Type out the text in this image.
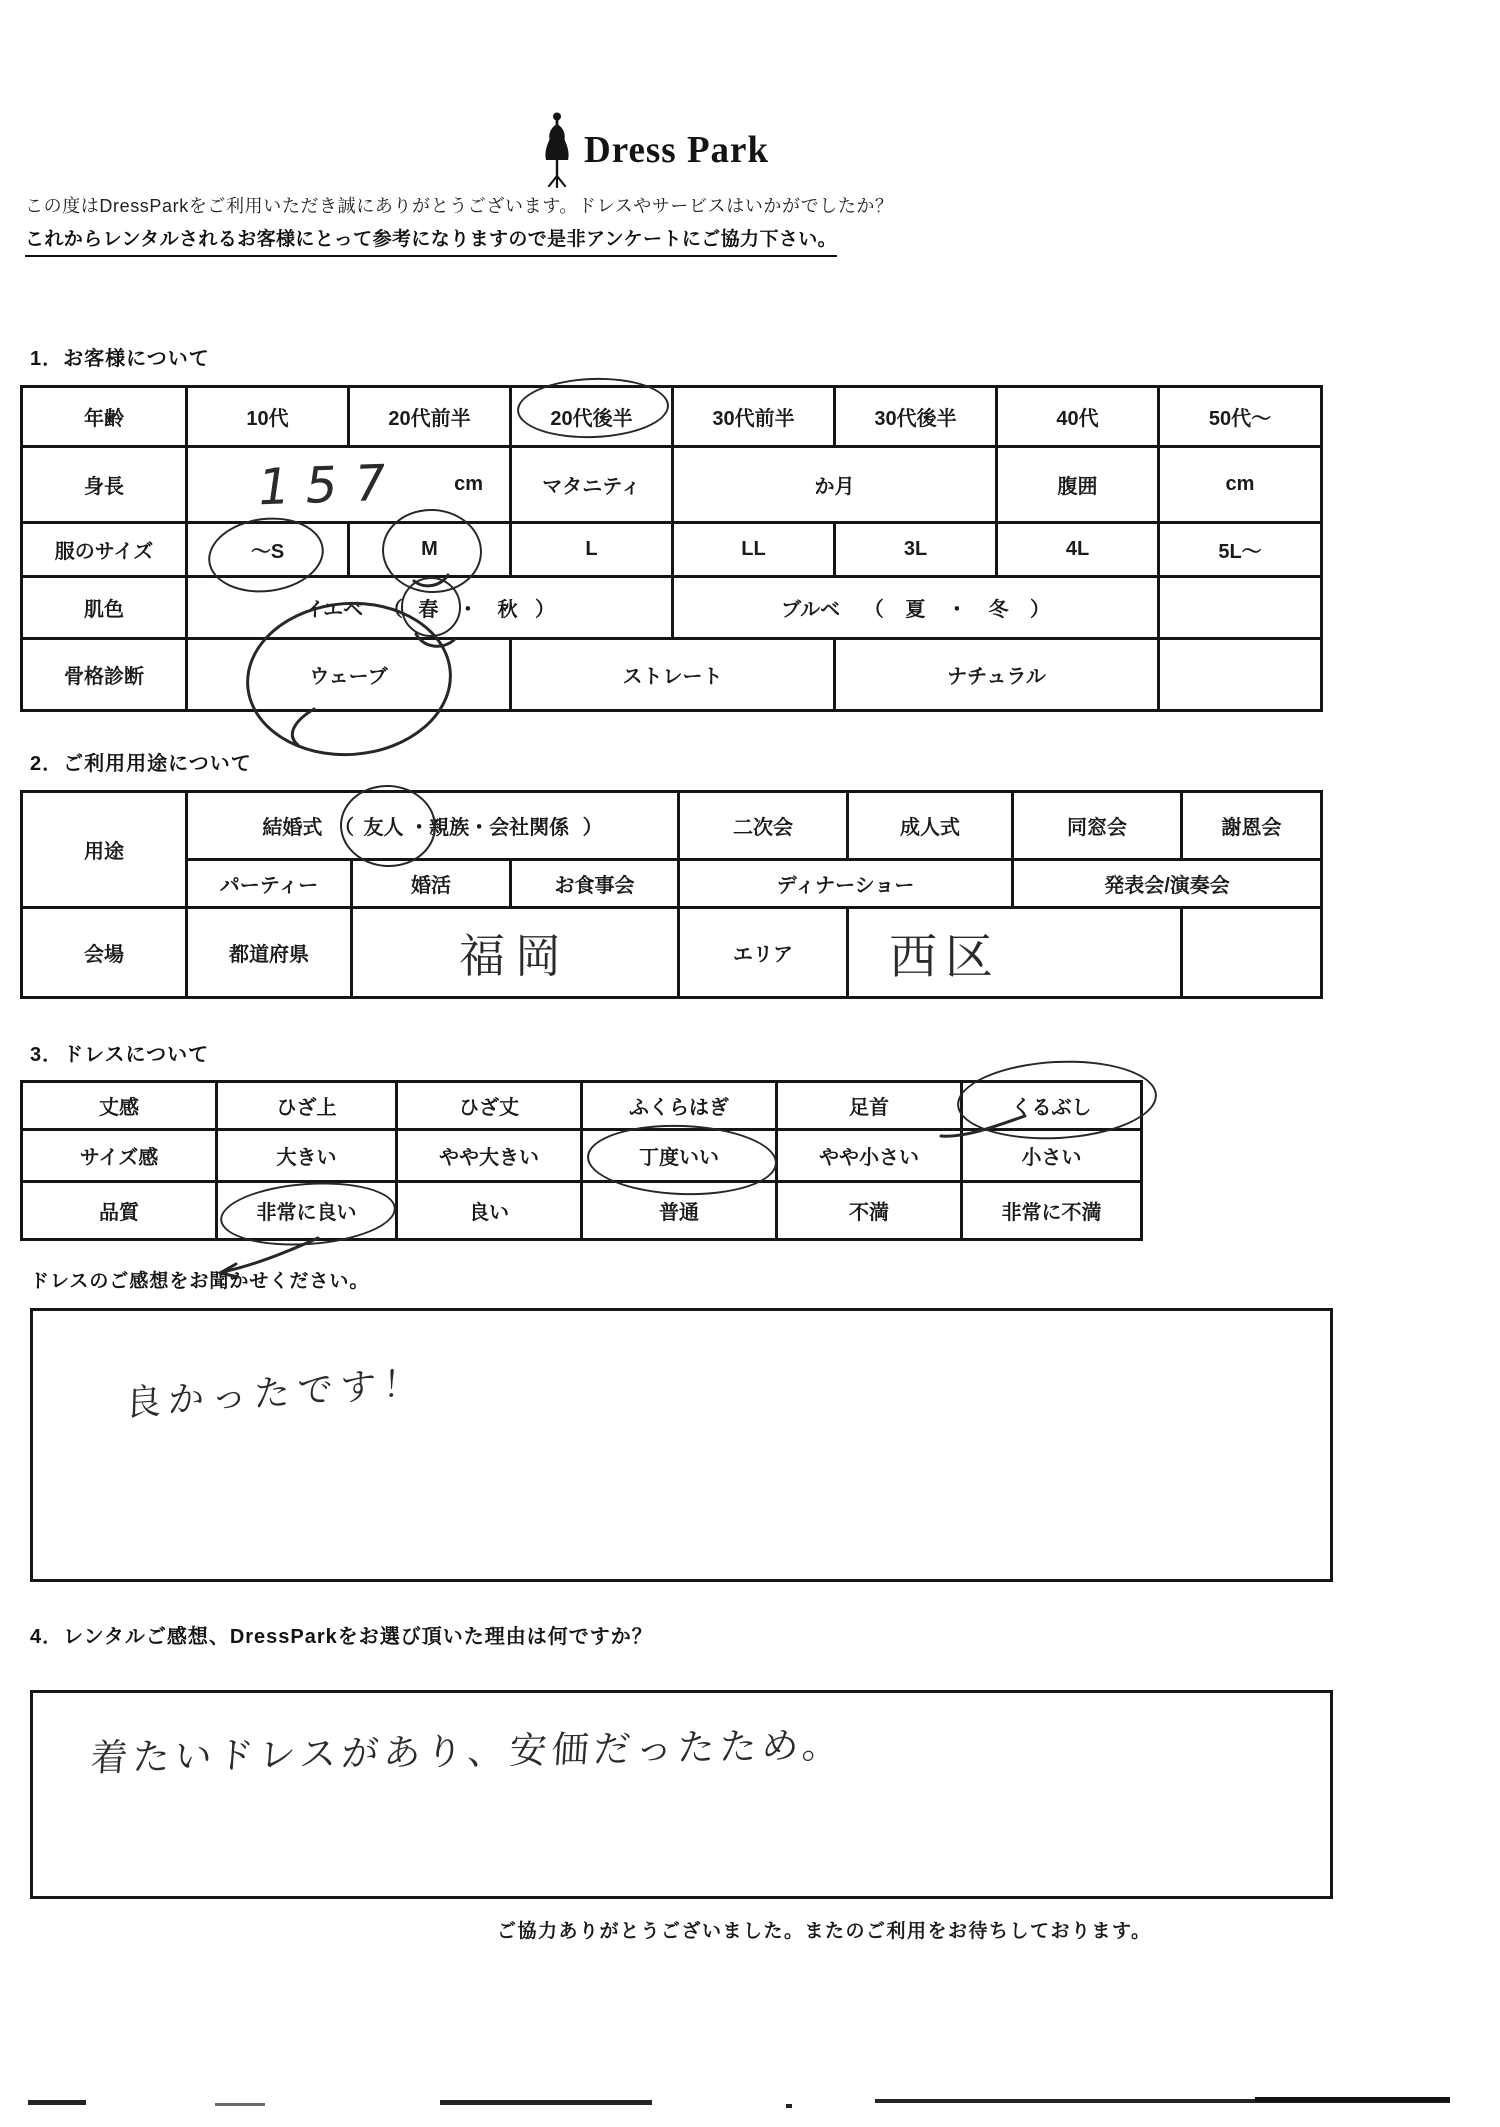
Dress Park
この度はDressParkをご利用いただき誠にありがとうございます。ドレスやサービスはいかがでしたか？
これからレンタルされるお客様にとって参考になりますので是非アンケートにご協力下さい。
1．お客様について
年齢	10代	20代前半	20代後半	30代前半	30代後半	40代	50代～
身長	157 cm		マタニティ	か月		腹囲	cm
服のサイズ	～S	M	L	LL	3L	4L	5L～
肌色	イエベ （ 春 ・ 秋 ）			ブルベ （ 夏 ・ 冬 ）			
骨格診断	ウェーブ		ストレート		ナチュラル		
2．ご利用用途について
用途	結婚式 （ 友人 ・親族・会社関係 ）			二次会	成人式	同窓会	謝恩会
	パーティー	婚活	お食事会	ディナーショー		発表会/演奏会	
会場	都道府県	福岡		エリア	西区		
3．ドレスについて
丈感	ひざ上	ひざ丈	ふくらはぎ	足首	くるぶし

サイズ感	大きい	やや大きい	丁度いい	やや小さい	小さい
品質	非常に良い	良い	普通	不満	非常に不満
ドレスのご感想をお聞かせください。
良かったです！
4．レンタルご感想、DressParkをお選び頂いた理由は何ですか？
着たいドレスがあり、安価だったため。
ご協力ありがとうございました。またのご利用をお待ちしております。
